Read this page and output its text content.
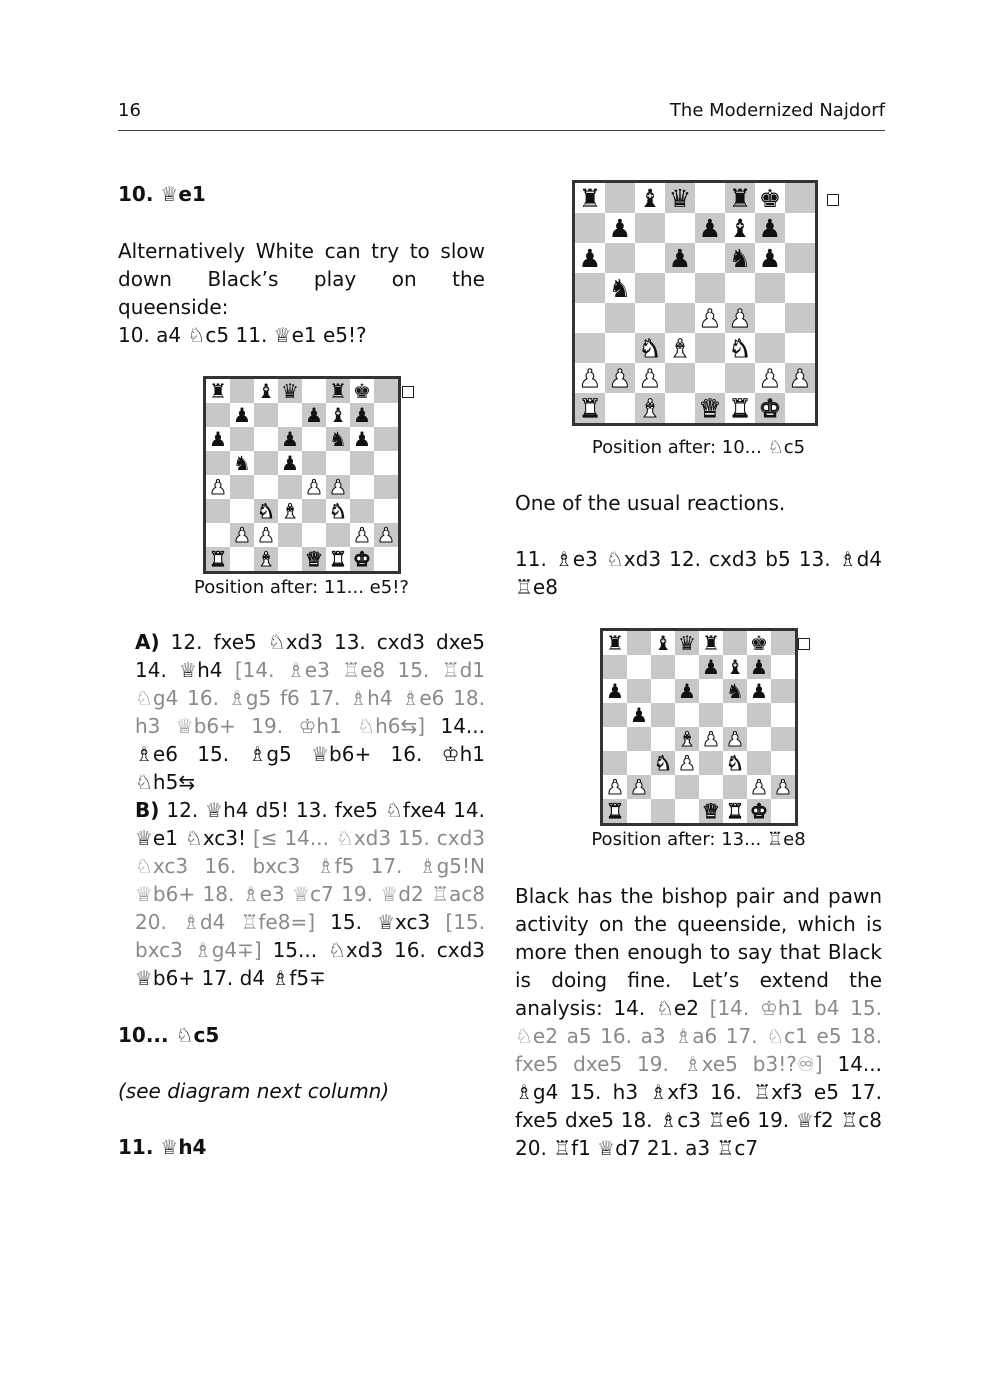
16	The Modernized Najdorf

10. ♕e1

Alternatively White can try to slow down Black’s play on the queenside:

10. a4 ♘c5 11. ♕e1 e5!?

♜ ♝ ♛ ♜ ♚
♟	♟ ♝ ♟
♟	♟ ♞ ♟
♞ ♟
♟	♟ ♟
♞ ♝ ♞
♟ ♟	♟ ♟
♜ ♝ ♛ ♜ ♚
Position after: 11... e5!?

A) 12. fxe5 ♘xd3 13. cxd3 dxe5 14. ♕h4 [14. ♗e3 ♖e8 15. ♖d1 ♘g4 16. ♗g5 f6 17. ♗h4 ♗e6 18. h3 ♕b6+ 19. ♔h1 ♘h6⇆] 14... ♗e6 15. ♗g5 ♕b6+ 16. ♔h1 ♘h5⇆

B) 12. ♕h4 d5! 13. fxe5 ♘fxe4 14. ♕e1 ♘xc3! [≤ 14... ♘xd3 15. cxd3 ♘xc3 16. bxc3 ♗f5 17. ♗g5!N ♕b6+ 18. ♗e3 ♕c7 19. ♕d2 ♖ac8 20. ♗d4 ♖fe8=] 15. ♕xc3 [15. bxc3 ♗g4∓] 15... ♘xd3 16. cxd3 ♕b6+ 17. d4 ♗f5∓

10... ♘c5

(see diagram next column)

11. ♕h4

♜ ♝ ♛ ♜ ♚
♟	♟ ♝ ♟
♟	♟ ♞ ♟
♞
♟ ♟
♞ ♝ ♞
♟ ♟ ♟	♟ ♟
♜ ♝ ♛ ♜ ♚
Position after: 10... ♘c5

One of the usual reactions.

11. ♗e3 ♘xd3 12. cxd3 b5 13. ♗d4 ♖e8

♜ ♝ ♛ ♜ ♚
♟ ♝ ♟
♟	♟ ♞ ♟
♟
♝ ♟ ♟
♞ ♟ ♞
♟ ♟	♟ ♟
♜	♛ ♜ ♚
Position after: 13... ♖e8

Black has the bishop pair and pawn activity on the queenside, which is more then enough to say that Black is doing fine. Let’s extend the analysis: 14. ♘e2 [14. ♔h1 b4 15. ♘e2 a5 16. a3 ♗a6 17. ♘c1 e5 18. fxe5 dxe5 19. ♗xe5 b3!?♾] 14... ♗g4 15. h3 ♗xf3 16. ♖xf3 e5 17. fxe5 dxe5 18. ♗c3 ♖e6 19. ♕f2 ♖c8 20. ♖f1 ♕d7 21. a3 ♖c7
